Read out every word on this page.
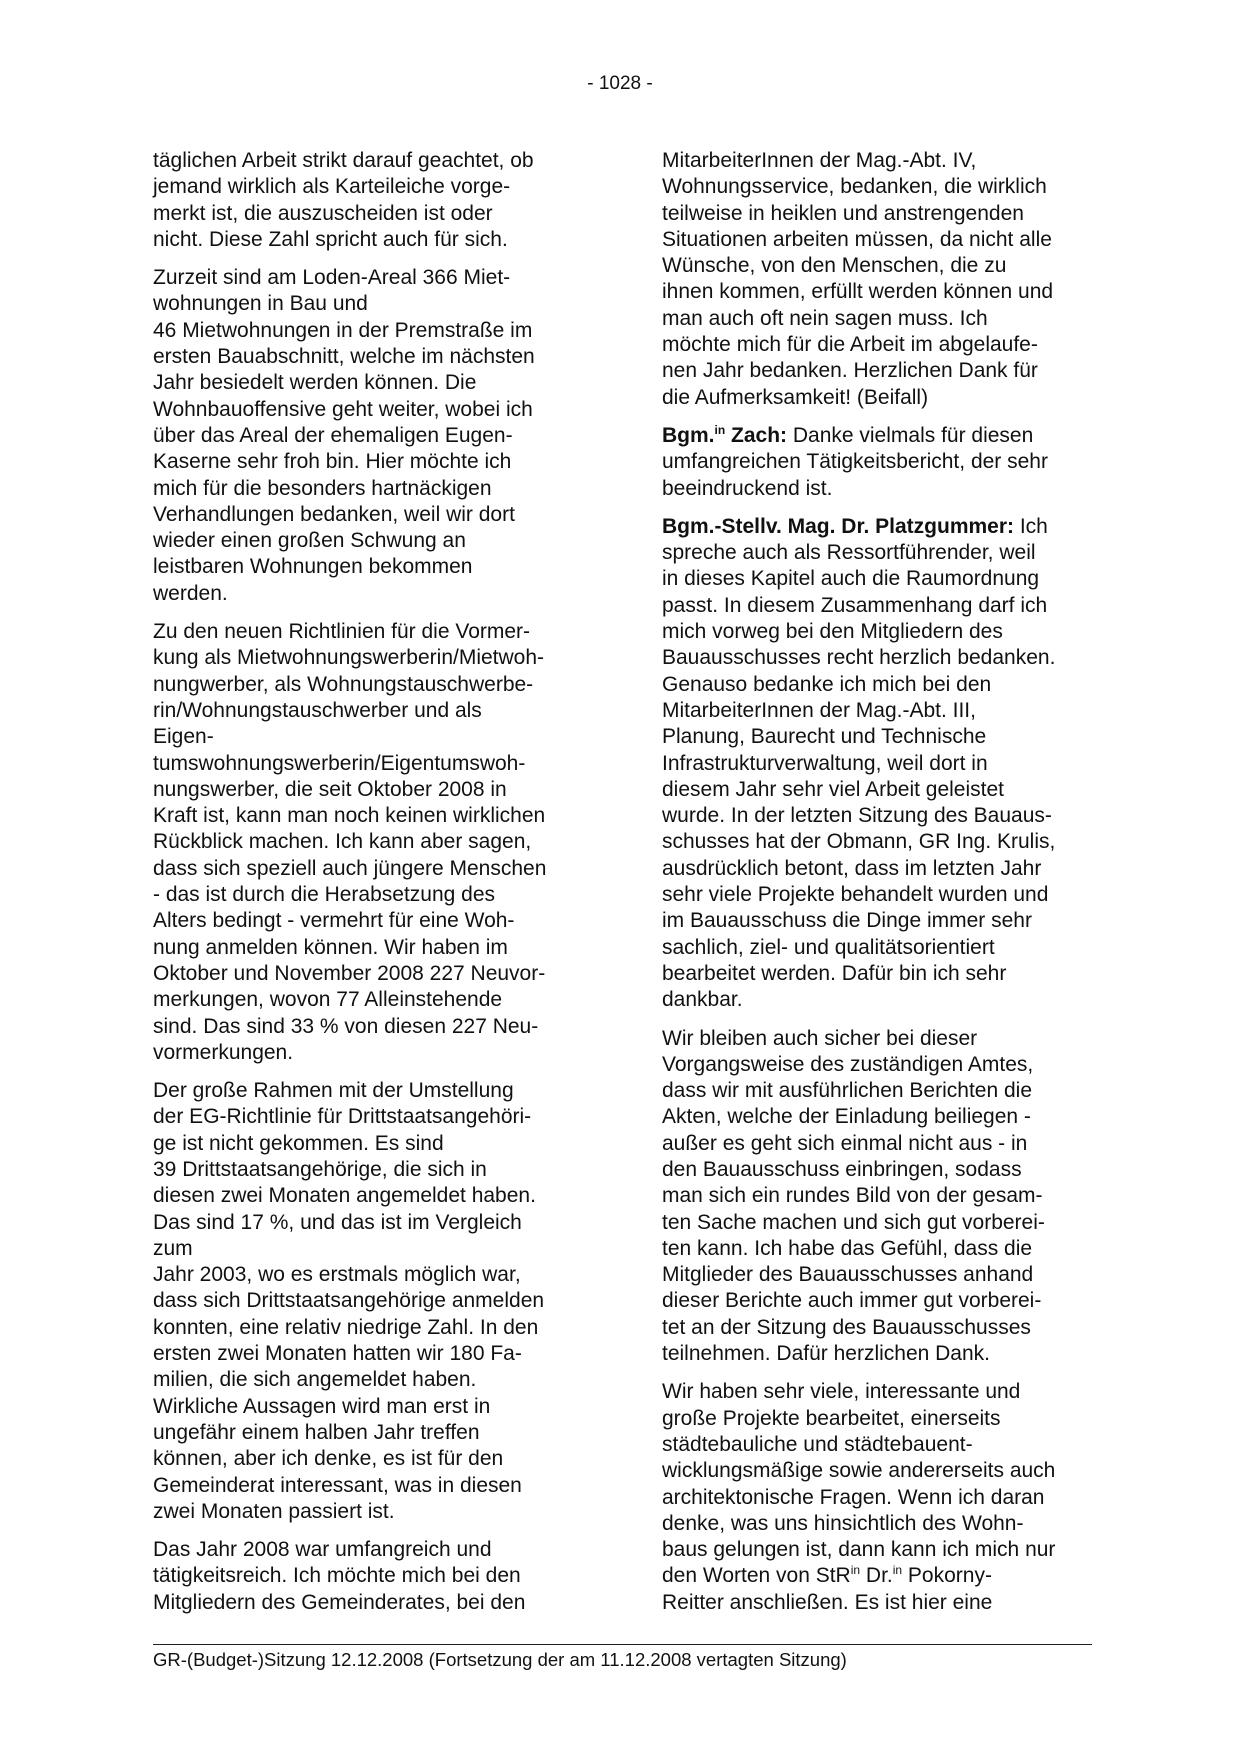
- 1028 -

täglichen Arbeit strikt darauf geachtet, ob
jemand wirklich als Karteileiche vorge-
merkt ist, die auszuscheiden ist oder
nicht. Diese Zahl spricht auch für sich.

Zurzeit sind am Loden-Areal 366 Miet-
wohnungen in Bau und
46 Mietwohnungen in der Premstraße im
ersten Bauabschnitt, welche im nächsten
Jahr besiedelt werden können. Die
Wohnbauoffensive geht weiter, wobei ich
über das Areal der ehemaligen Eugen-
Kaserne sehr froh bin. Hier möchte ich
mich für die besonders hartnäckigen
Verhandlungen bedanken, weil wir dort
wieder einen großen Schwung an
leistbaren Wohnungen bekommen
werden.

Zu den neuen Richtlinien für die Vormer-
kung als Mietwohnungswerberin/Mietwoh-
nungwerber, als Wohnungstauschwerbe-
rin/Wohnungstauschwerber und als
Eigen-
tumswohnungswerberin/Eigentumswoh-
nungswerber, die seit Oktober 2008 in
Kraft ist, kann man noch keinen wirklichen
Rückblick machen. Ich kann aber sagen,
dass sich speziell auch jüngere Menschen
- das ist durch die Herabsetzung des
Alters bedingt - vermehrt für eine Woh-
nung anmelden können. Wir haben im
Oktober und November 2008 227 Neuvor-
merkungen, wovon 77 Alleinstehende
sind. Das sind 33 % von diesen 227 Neu-
vormerkungen.

Der große Rahmen mit der Umstellung
der EG-Richtlinie für Drittstaatsangehöri-
ge ist nicht gekommen. Es sind
39 Drittstaatsangehörige, die sich in
diesen zwei Monaten angemeldet haben.
Das sind 17 %, und das ist im Vergleich
zum
Jahr 2003, wo es erstmals möglich war,
dass sich Drittstaatsangehörige anmelden
konnten, eine relativ niedrige Zahl. In den
ersten zwei Monaten hatten wir 180 Fa-
milien, die sich angemeldet haben.
Wirkliche Aussagen wird man erst in
ungefähr einem halben Jahr treffen
können, aber ich denke, es ist für den
Gemeinderat interessant, was in diesen
zwei Monaten passiert ist.

Das Jahr 2008 war umfangreich und
tätigkeitsreich. Ich möchte mich bei den
Mitgliedern des Gemeinderates, bei den

MitarbeiterInnen der Mag.-Abt. IV,
Wohnungsservice, bedanken, die wirklich
teilweise in heiklen und anstrengenden
Situationen arbeiten müssen, da nicht alle
Wünsche, von den Menschen, die zu
ihnen kommen, erfüllt werden können und
man auch oft nein sagen muss. Ich
möchte mich für die Arbeit im abgelaufe-
nen Jahr bedanken. Herzlichen Dank für
die Aufmerksamkeit! (Beifall)

Bgm.$^{in}$ Zach: Danke vielmals für diesen
umfangreichen Tätigkeitsbericht, der sehr
beeindruckend ist.

Bgm.-Stellv. Mag. Dr. Platzgummer: Ich
spreche auch als Ressortführender, weil
in dieses Kapitel auch die Raumordnung
passt. In diesem Zusammenhang darf ich
mich vorweg bei den Mitgliedern des
Bauausschusses recht herzlich bedanken.
Genauso bedanke ich mich bei den
MitarbeiterInnen der Mag.-Abt. III,
Planung, Baurecht und Technische
Infrastrukturverwaltung, weil dort in
diesem Jahr sehr viel Arbeit geleistet
wurde. In der letzten Sitzung des Bauaus-
schusses hat der Obmann, GR Ing. Krulis,
ausdrücklich betont, dass im letzten Jahr
sehr viele Projekte behandelt wurden und
im Bauausschuss die Dinge immer sehr
sachlich, ziel- und qualitätsorientiert
bearbeitet werden. Dafür bin ich sehr
dankbar.

Wir bleiben auch sicher bei dieser
Vorgangsweise des zuständigen Amtes,
dass wir mit ausführlichen Berichten die
Akten, welche der Einladung beiliegen -
außer es geht sich einmal nicht aus - in
den Bauausschuss einbringen, sodass
man sich ein rundes Bild von der gesam-
ten Sache machen und sich gut vorberei-
ten kann. Ich habe das Gefühl, dass die
Mitglieder des Bauausschusses anhand
dieser Berichte auch immer gut vorberei-
tet an der Sitzung des Bauausschusses
teilnehmen. Dafür herzlichen Dank.

Wir haben sehr viele, interessante und
große Projekte bearbeitet, einerseits
städtebauliche und städtebauent-
wicklungsmäßige sowie andererseits auch
architektonische Fragen. Wenn ich daran
denke, was uns hinsichtlich des Wohn-
baus gelungen ist, dann kann ich mich nur
den Worten von StR$^{in}$ Dr.$^{in}$ Pokorny-
Reitter anschließen. Es ist hier eine

GR-(Budget-)Sitzung 12.12.2008 (Fortsetzung der am 11.12.2008 vertagten Sitzung)
